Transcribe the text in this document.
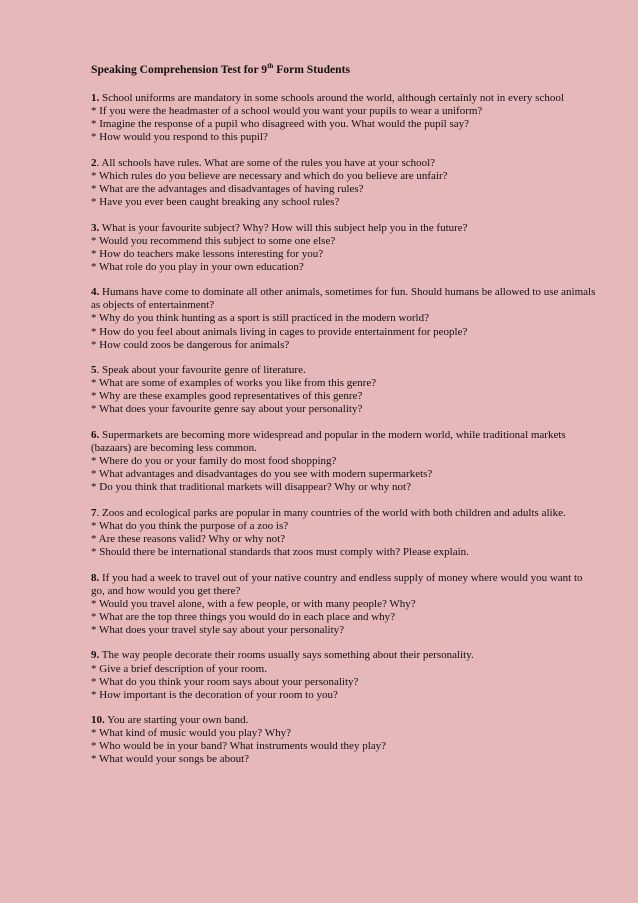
Speaking Comprehension Test for 9th Form Students

1. School uniforms are mandatory in some schools around the world, although certainly not in every school

* If you were the headmaster of a school would you want your pupils to wear a uniform?

* Imagine the response of a pupil who disagreed with you. What would the pupil say?

* How would you respond to this pupil?

2. All schools have rules. What are some of the rules you have at your school?

* Which rules do you believe are necessary and which do you believe are unfair?

* What are the advantages and disadvantages of having rules?

* Have you ever been caught breaking any school rules?

3. What is your favourite subject? Why? How will this subject help you in the future?

* Would you recommend this subject to some one else?

* How do teachers make lessons interesting for you?

* What role do you play in your own education?

4. Humans have come to dominate all other animals, sometimes for fun. Should humans be allowed to use animals as objects of entertainment?

* Why do you think hunting as a sport is still practiced in the modern world?

* How do you feel about animals living in cages to provide entertainment for people?

* How could zoos be dangerous for animals?

5. Speak about your favourite genre of literature.

* What are some of examples of works you like from this genre?

* Why are these examples good representatives of this genre?

* What does your favourite genre say about your personality?

6. Supermarkets are becoming more widespread and popular in the modern world, while traditional markets (bazaars) are becoming less common.

* Where do you or your family do most food shopping?

* What advantages and disadvantages do you see with modern supermarkets?

* Do you think that traditional markets will disappear? Why or why not?

7. Zoos and ecological parks are popular in many countries of the world with both children and adults alike.

* What do you think the purpose of a zoo is?

* Are these reasons valid? Why or why not?

* Should there be international standards that zoos must comply with? Please explain.

8. If you had a week to travel out of your native country and endless supply of money where would you want to go, and how would you get there?

* Would you travel alone, with a few people, or with many people? Why?

* What are the top three things you would do in each place and why?

* What does your travel style say about your personality?

9. The way people decorate their rooms usually says something about their personality.

* Give a brief description of your room.

* What do you think your room says about your personality?

* How important is the decoration of your room to you?

10. You are starting your own band.

* What kind of music would you play? Why?

* Who would be in your band? What instruments would they play?

* What would your songs be about?
